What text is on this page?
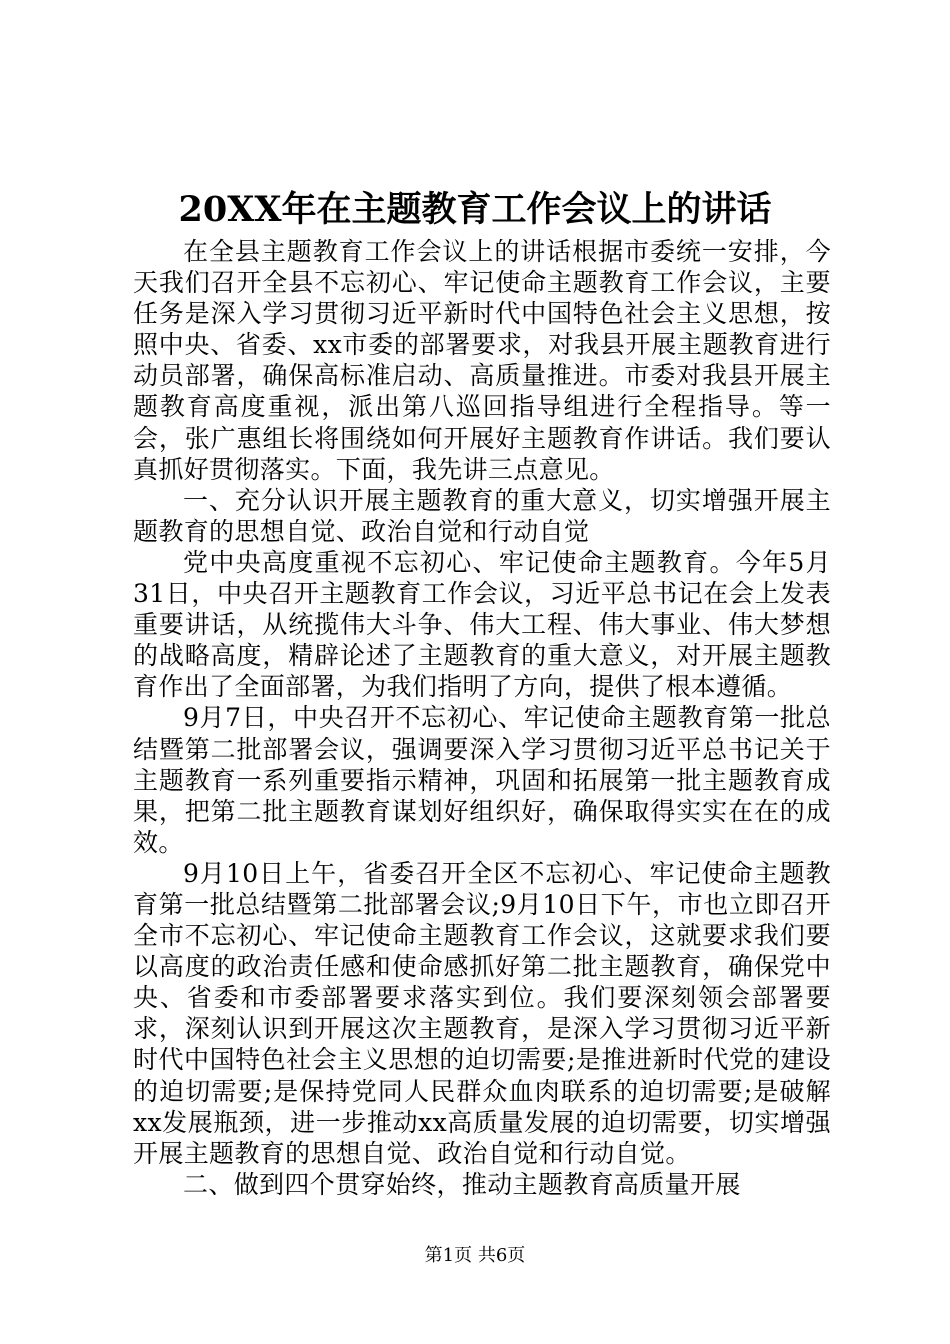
20XX年在主题教育工作会议上的讲话

在全县主题教育工作会议上的讲话根据市委统一安排，今天我们召开全县不忘初心、牢记使命主题教育工作会议，主要任务是深入学习贯彻习近平新时代中国特色社会主义思想，按照中央、省委、xx市委的部署要求，对我县开展主题教育进行动员部署，确保高标准启动、高质量推进。市委对我县开展主题教育高度重视，派出第八巡回指导组进行全程指导。等一会，张广惠组长将围绕如何开展好主题教育作讲话。我们要认真抓好贯彻落实。下面，我先讲三点意见。

一、充分认识开展主题教育的重大意义，切实增强开展主题教育的思想自觉、政治自觉和行动自觉

党中央高度重视不忘初心、牢记使命主题教育。今年5月31日，中央召开主题教育工作会议，习近平总书记在会上发表重要讲话，从统揽伟大斗争、伟大工程、伟大事业、伟大梦想的战略高度，精辟论述了主题教育的重大意义，对开展主题教育作出了全面部署，为我们指明了方向，提供了根本遵循。

9月7日，中央召开不忘初心、牢记使命主题教育第一批总结暨第二批部署会议，强调要深入学习贯彻习近平总书记关于主题教育一系列重要指示精神，巩固和拓展第一批主题教育成果，把第二批主题教育谋划好组织好，确保取得实实在在的成效。

9月10日上午，省委召开全区不忘初心、牢记使命主题教育第一批总结暨第二批部署会议;9月10日下午，市也立即召开全市不忘初心、牢记使命主题教育工作会议，这就要求我们要以高度的政治责任感和使命感抓好第二批主题教育，确保党中央、省委和市委部署要求落实到位。我们要深刻领会部署要求，深刻认识到开展这次主题教育，是深入学习贯彻习近平新时代中国特色社会主义思想的迫切需要;是推进新时代党的建设的迫切需要;是保持党同人民群众血肉联系的迫切需要;是破解xx发展瓶颈，进一步推动xx高质量发展的迫切需要，切实增强开展主题教育的思想自觉、政治自觉和行动自觉。

二、做到四个贯穿始终，推动主题教育高质量开展

第1页 共6页
